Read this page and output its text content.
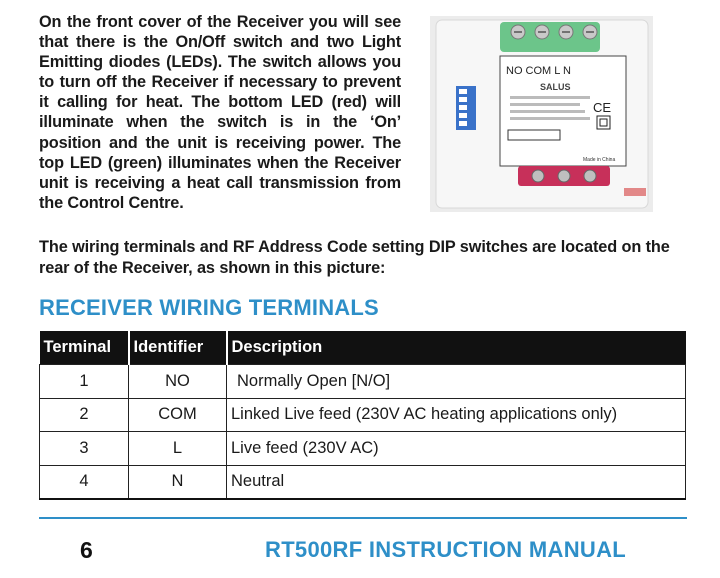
On the front cover of the Receiver you will see that there is the On/Off switch and two Light Emitting diodes (LEDs). The switch allows you to turn off the Receiver if necessary to prevent it calling for heat. The bottom LED (red) will illuminate when the switch is in the ‘On’ position and the unit is receiving power. The top LED (green) illuminates when the Receiver unit is receiving a heat call transmission from the Control Centre.

NO COM L N
SALUS
CE
Made in China

The wiring terminals and RF Address Code setting DIP switches are located on the rear of the Receiver, as shown in this picture:

RECEIVER WIRING TERMINALS
Terminal	Identifier	Description
1	NO	Normally Open [N/O]
2	COM	Linked Live feed (230V AC heating applications only)
3	L	Live feed (230V AC)
4	N	Neutral
6	RT500RF INSTRUCTION MANUAL
